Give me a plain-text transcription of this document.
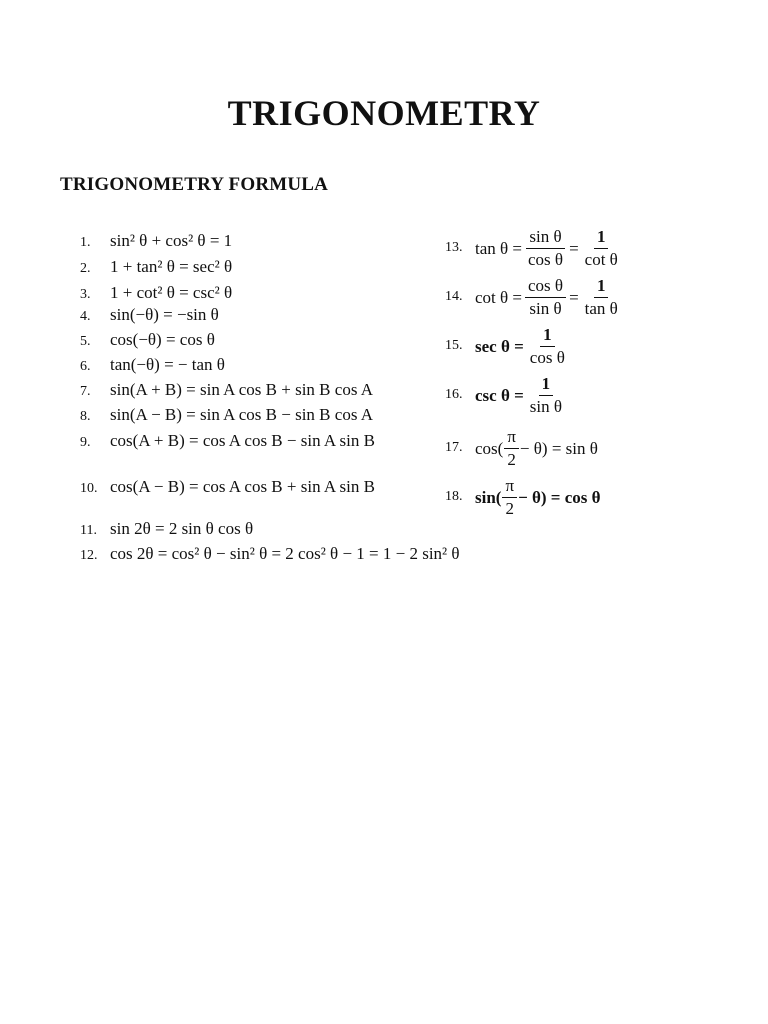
TRIGONOMETRY
TRIGONOMETRY FORMULA
1. sin² θ + cos² θ = 1
2. 1 + tan² θ = sec² θ
3. 1 + cot² θ = csc² θ
4. sin(−θ) = −sin θ
5. cos(−θ) = cos θ
6. tan(−θ) = − tan θ
7. sin(A + B) = sin A cos B + sin B cos A
8. sin(A − B) = sin A cos B − sin B cos A
9. cos(A + B) = cos A cos B − sin A sin B
10. cos(A − B) = cos A cos B + sin A sin B
11. sin 2θ = 2 sin θ cos θ
12. cos 2θ = cos² θ − sin² θ = 2 cos² θ − 1 = 1 − 2 sin² θ
13. $\tan \theta = \frac{\text{sin θ}}{\text{cos θ}} = \frac{1}{\text{cot θ}}$
14. $\cot \theta = \frac{\text{cos θ}}{\text{sin θ}} = \frac{1}{\text{tan θ}}$
15. $\sec \theta = \frac{1}{\text{cos θ}}$
16. $\csc \theta = \frac{1}{\text{sin θ}}$
17. $\cos( \frac{\pi}{2} - \theta) = \sin \theta$
18. $\sin( \frac{\pi}{2} - \theta) = \cos \theta$
